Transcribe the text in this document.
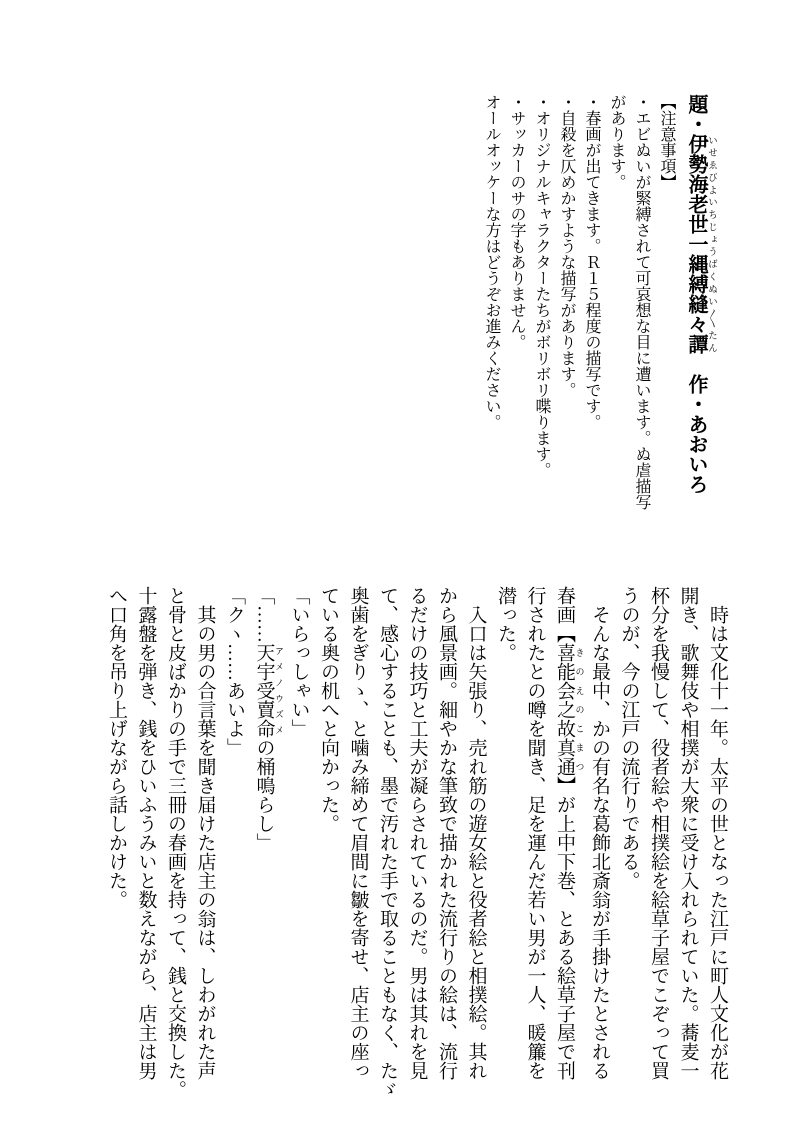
題・伊勢海老世一縄縛縫々譚 いせゑびよいちじょうばくぬい〱たん　作・あおいろ

【注意事項】

・エビぬいが緊縛されて可哀想な目に遭います。ぬ虐描写

があります。

・春画が出てきます。Ｒ１５程度の描写です。

・自殺を仄めかすような描写があります。

・オリジナルキャラクターたちがボリボリ喋ります。

・サッカーのサの字もありません。

オールオッケーな方はどうぞお進みください。

時は文化十一年。太平の世となった江戸に町人文化が花

開き、歌舞伎や相撲が大衆に受け入れられていた。蕎麦一

杯分を我慢して、役者絵や相撲絵を絵草子屋でこぞって買

うのが、今の江戸の流行りである。

そんな最中、かの有名な葛飾北斎翁が手掛けたとされる

春画【喜能会之故真通 きのえのこまつ】が上中下巻、とある絵草子屋で刊

行されたとの噂を聞き、足を運んだ若い男が一人、暖簾を

潜った。

入口は矢張り、売れ筋の遊女絵と役者絵と相撲絵。其れ

から風景画。細やかな筆致で描かれた流行りの絵は、流行

るだけの技巧と工夫が凝らされているのだ。男は其れを見

て、感心することも、墨で汚れた手で取ることもなく、たゞ

奥歯をぎりゝ、と噛み締めて眉間に皺を寄せ、店主の座っ

ている奥の机へと向かった。

「いらっしゃい」

「……天宇受賣命 アメノウズメの桶鳴らし」

「クヽ……あいよ」

其の男の合言葉を聞き届けた店主の翁は、しわがれた声

と骨と皮ばかりの手で三冊の春画を持って、銭と交換した。

十露盤を弾き、銭をひいふうみいと数えながら、店主は男

へ口角を吊り上げながら話しかけた。
